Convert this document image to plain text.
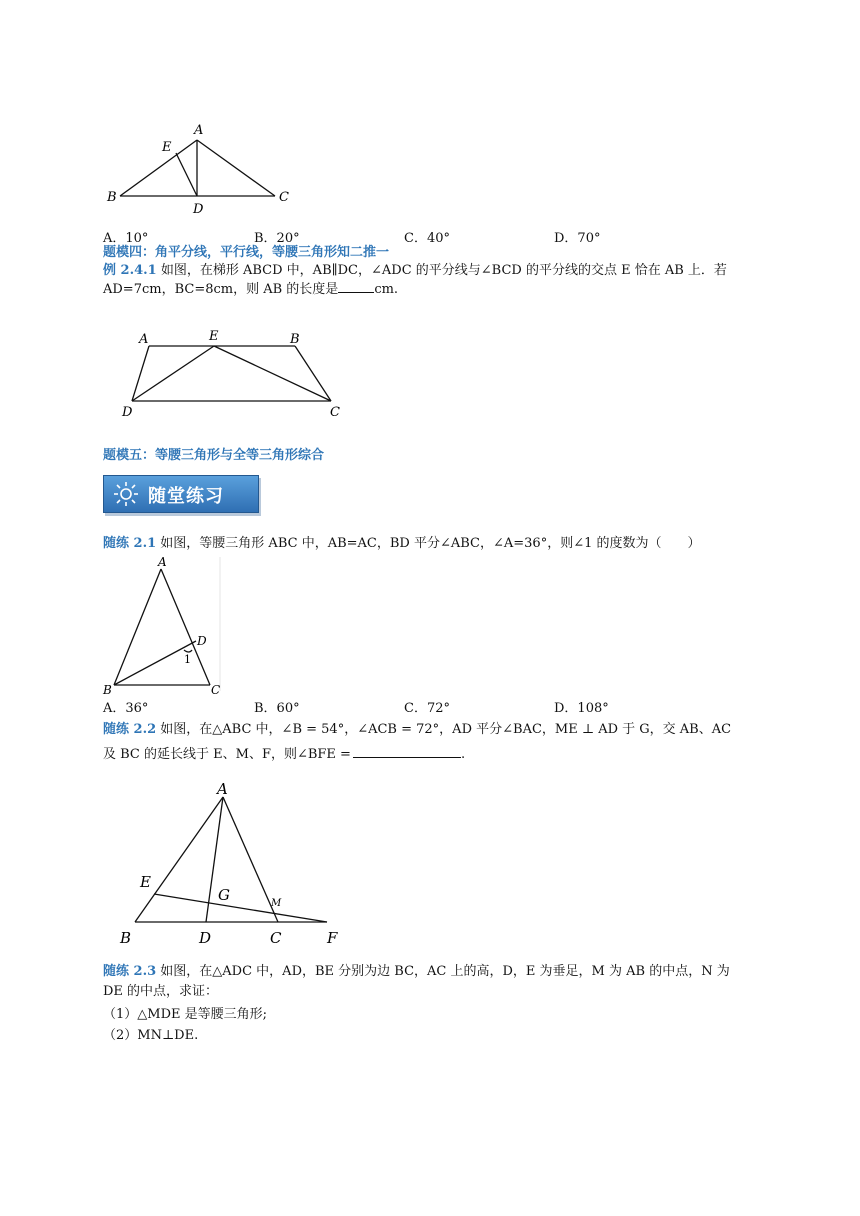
A
E
B
D
C
A．10°	B．20°	C．40°	D．70°
题模四：角平分线，平行线，等腰三角形知二推一
例 2.4.1 如图，在梯形 ABCD 中，AB∥DC，∠ADC 的平分线与∠BCD 的平分线的交点 E 恰在 AB 上．若
AD=7cm，BC=8cm，则 AB 的长度是	cm.
A	E	B
D	C
题模五：等腰三角形与全等三角形综合
随堂练习
随练 2.1 如图，等腰三角形 ABC 中，AB=AC，BD 平分∠ABC，∠A=36°，则∠1 的度数为（　　）
A
D
1
B	C
A．36°	B．60°	C．72°	D．108°
随练 2.2 如图，在△ABC 中，∠B = 54°，∠ACB = 72°，AD 平分∠BAC，ME ⊥ AD 于 G，交 AB、AC
及 BC 的延长线于 E、M、F，则∠BFE =	.
A
E
G	M
B	D	C	F
随练 2.3 如图，在△ADC 中，AD，BE 分别为边 BC，AC 上的高，D，E 为垂足，M 为 AB 的中点，N 为
DE 的中点，求证：
（1）△MDE 是等腰三角形;
（2）MN⊥DE.
